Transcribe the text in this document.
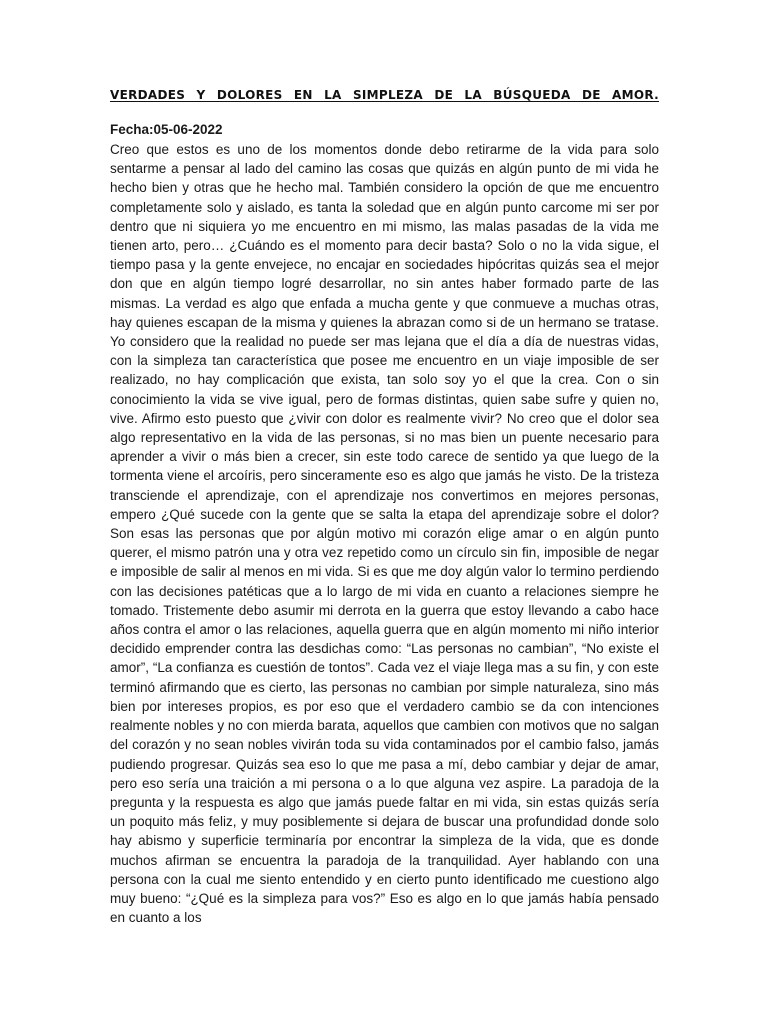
VERDADES Y DOLORES EN LA SIMPLEZA DE LA BÚSQUEDA DE AMOR.
Fecha:05-06-2022

Creo que estos es uno de los momentos donde debo retirarme de la vida para solo sentarme a pensar al lado del camino las cosas que quizás en algún punto de mi vida he hecho bien y otras que he hecho mal. También considero la opción de que me encuentro completamente solo y aislado, es tanta la soledad que en algún punto carcome mi ser por dentro que ni siquiera yo me encuentro en mi mismo, las malas pasadas de la vida me tienen arto, pero… ¿Cuándo es el momento para decir basta? Solo o no la vida sigue, el tiempo pasa y la gente envejece, no encajar en sociedades hipócritas quizás sea el mejor don que en algún tiempo logré desarrollar, no sin antes haber formado parte de las mismas. La verdad es algo que enfada a mucha gente y que conmueve a muchas otras, hay quienes escapan de la misma y quienes la abrazan como si de un hermano se tratase. Yo considero que la realidad no puede ser mas lejana que el día a día de nuestras vidas, con la simpleza tan característica que posee me encuentro en un viaje imposible de ser realizado, no hay complicación que exista, tan solo soy yo el que la crea. Con o sin conocimiento la vida se vive igual, pero de formas distintas, quien sabe sufre y quien no, vive. Afirmo esto puesto que ¿vivir con dolor es realmente vivir? No creo que el dolor sea algo representativo en la vida de las personas, si no mas bien un puente necesario para aprender a vivir o más bien a crecer, sin este todo carece de sentido ya que luego de la tormenta viene el arcoíris, pero sinceramente eso es algo que jamás he visto. De la tristeza transciende el aprendizaje, con el aprendizaje nos convertimos en mejores personas, empero ¿Qué sucede con la gente que se salta la etapa del aprendizaje sobre el dolor? Son esas las personas que por algún motivo mi corazón elige amar o en algún punto querer, el mismo patrón una y otra vez repetido como un círculo sin fin, imposible de negar e imposible de salir al menos en mi vida. Si es que me doy algún valor lo termino perdiendo con las decisiones patéticas que a lo largo de mi vida en cuanto a relaciones siempre he tomado. Tristemente debo asumir mi derrota en la guerra que estoy llevando a cabo hace años contra el amor o las relaciones, aquella guerra que en algún momento mi niño interior decidido emprender contra las desdichas como: “Las personas no cambian”, “No existe el amor”, “La confianza es cuestión de tontos”. Cada vez el viaje llega mas a su fin, y con este terminó afirmando que es cierto, las personas no cambian por simple naturaleza, sino más bien por intereses propios, es por eso que el verdadero cambio se da con intenciones realmente nobles y no con mierda barata, aquellos que cambien con motivos que no salgan del corazón y no sean nobles vivirán toda su vida contaminados por el cambio falso, jamás pudiendo progresar. Quizás sea eso lo que me pasa a mí, debo cambiar y dejar de amar, pero eso sería una traición a mi persona o a lo que alguna vez aspire. La paradoja de la pregunta y la respuesta es algo que jamás puede faltar en mi vida, sin estas quizás sería un poquito más feliz, y muy posiblemente si dejara de buscar una profundidad donde solo hay abismo y superficie terminaría por encontrar la simpleza de la vida, que es donde muchos afirman se encuentra la paradoja de la tranquilidad. Ayer hablando con una persona con la cual me siento entendido y en cierto punto identificado me cuestiono algo muy bueno: “¿Qué es la simpleza para vos?” Eso es algo en lo que jamás había pensado en cuanto a los
